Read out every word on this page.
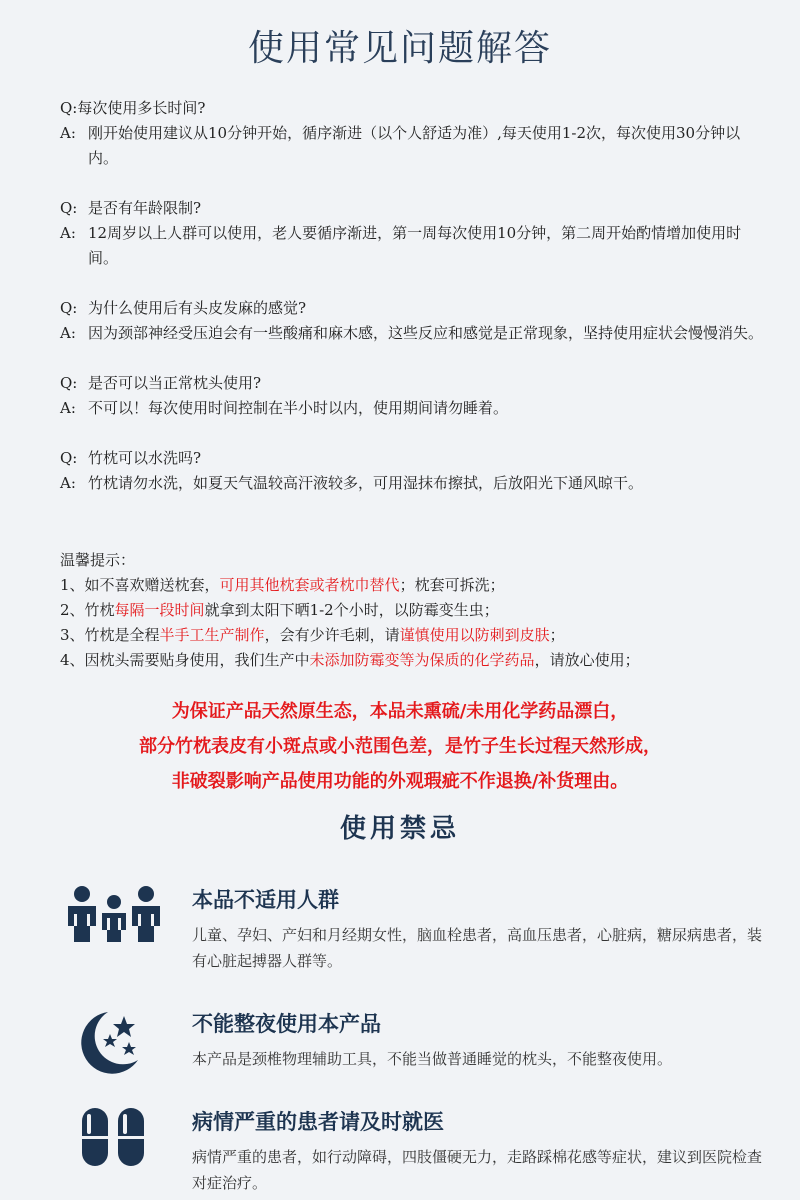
使用常见问题解答
Q: 每次使用多长时间?
A: 刚开始使用建议从10分钟开始，循序渐进（以个人舒适为准）,每天使用1-2次，每次使用30分钟以内。
Q: 是否有年龄限制?
A: 12周岁以上人群可以使用，老人要循序渐进，第一周每次使用10分钟，第二周开始酌情增加使用时间。
Q: 为什么使用后有头皮发麻的感觉?
A: 因为颈部神经受压迫会有一些酸痛和麻木感，这些反应和感觉是正常现象，坚持使用症状会慢慢消失。
Q: 是否可以当正常枕头使用?
A: 不可以！每次使用时间控制在半小时以内，使用期间请勿睡着。
Q: 竹枕可以水洗吗?
A: 竹枕请勿水洗，如夏天气温较高汗液较多，可用湿抹布擦拭，后放阳光下通风晾干。
温馨提示：
1、如不喜欢赠送枕套，可用其他枕套或者枕巾替代；枕套可拆洗；
2、竹枕每隔一段时间就拿到太阳下晒1-2个小时，以防霉变生虫；
3、竹枕是全程半手工生产制作，会有少许毛刺，请谨慎使用以防刺到皮肤；
4、因枕头需要贴身使用，我们生产中未添加防霉变等为保质的化学药品，请放心使用；
为保证产品天然原生态，本品未熏硫/未用化学药品漂白，
部分竹枕表皮有小斑点或小范围色差，是竹子生长过程天然形成，
非破裂影响产品使用功能的外观瑕疵不作退换/补货理由。
使用禁忌
本品不适用人群

儿童、孕妇、产妇和月经期女性，脑血栓患者，高血压患者，心脏病，糖尿病患者，装有心脏起搏器人群等。

不能整夜使用本产品

本产品是颈椎物理辅助工具，不能当做普通睡觉的枕头，不能整夜使用。

病情严重的患者请及时就医

病情严重的患者，如行动障碍，四肢僵硬无力，走路踩棉花感等症状，建议到医院检查对症治疗。
